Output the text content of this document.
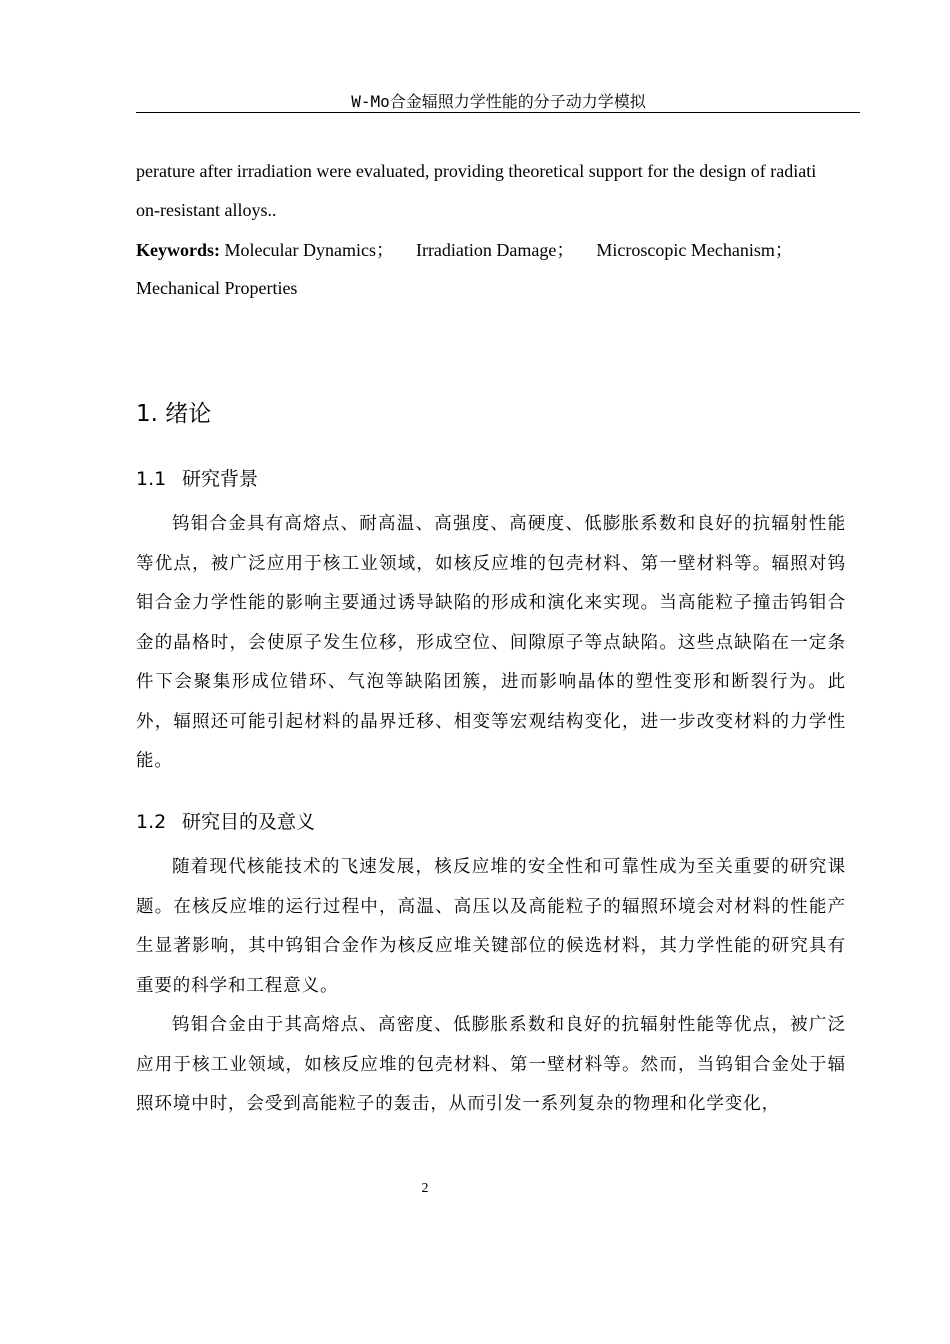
W-Mo合金辐照力学性能的分子动力学模拟
perature after irradiation were evaluated, providing theoretical support for the design of radiati
on-resistant alloys..
Keywords: Molecular Dynamics； Irradiation Damage； Microscopic Mechanism；
Mechanical Properties
1. 绪论
1.1 研究背景
钨钼合金具有高熔点、耐高温、高强度、高硬度、低膨胀系数和良好的抗辐射性能等优点，被广泛应用于核工业领域，如核反应堆的包壳材料、第一壁材料等。辐照对钨钼合金力学性能的影响主要通过诱导缺陷的形成和演化来实现。当高能粒子撞击钨钼合金的晶格时，会使原子发生位移，形成空位、间隙原子等点缺陷。这些点缺陷在一定条件下会聚集形成位错环、气泡等缺陷团簇，进而影响晶体的塑性变形和断裂行为。此外，辐照还可能引起材料的晶界迁移、相变等宏观结构变化，进一步改变材料的力学性能。
1.2 研究目的及意义
随着现代核能技术的飞速发展，核反应堆的安全性和可靠性成为至关重要的研究课题。在核反应堆的运行过程中，高温、高压以及高能粒子的辐照环境会对材料的性能产生显著影响，其中钨钼合金作为核反应堆关键部位的候选材料，其力学性能的研究具有重要的科学和工程意义。
钨钼合金由于其高熔点、高密度、低膨胀系数和良好的抗辐射性能等优点，被广泛应用于核工业领域，如核反应堆的包壳材料、第一壁材料等。然而，当钨钼合金处于辐照环境中时，会受到高能粒子的轰击，从而引发一系列复杂的物理和化学变化，
2
